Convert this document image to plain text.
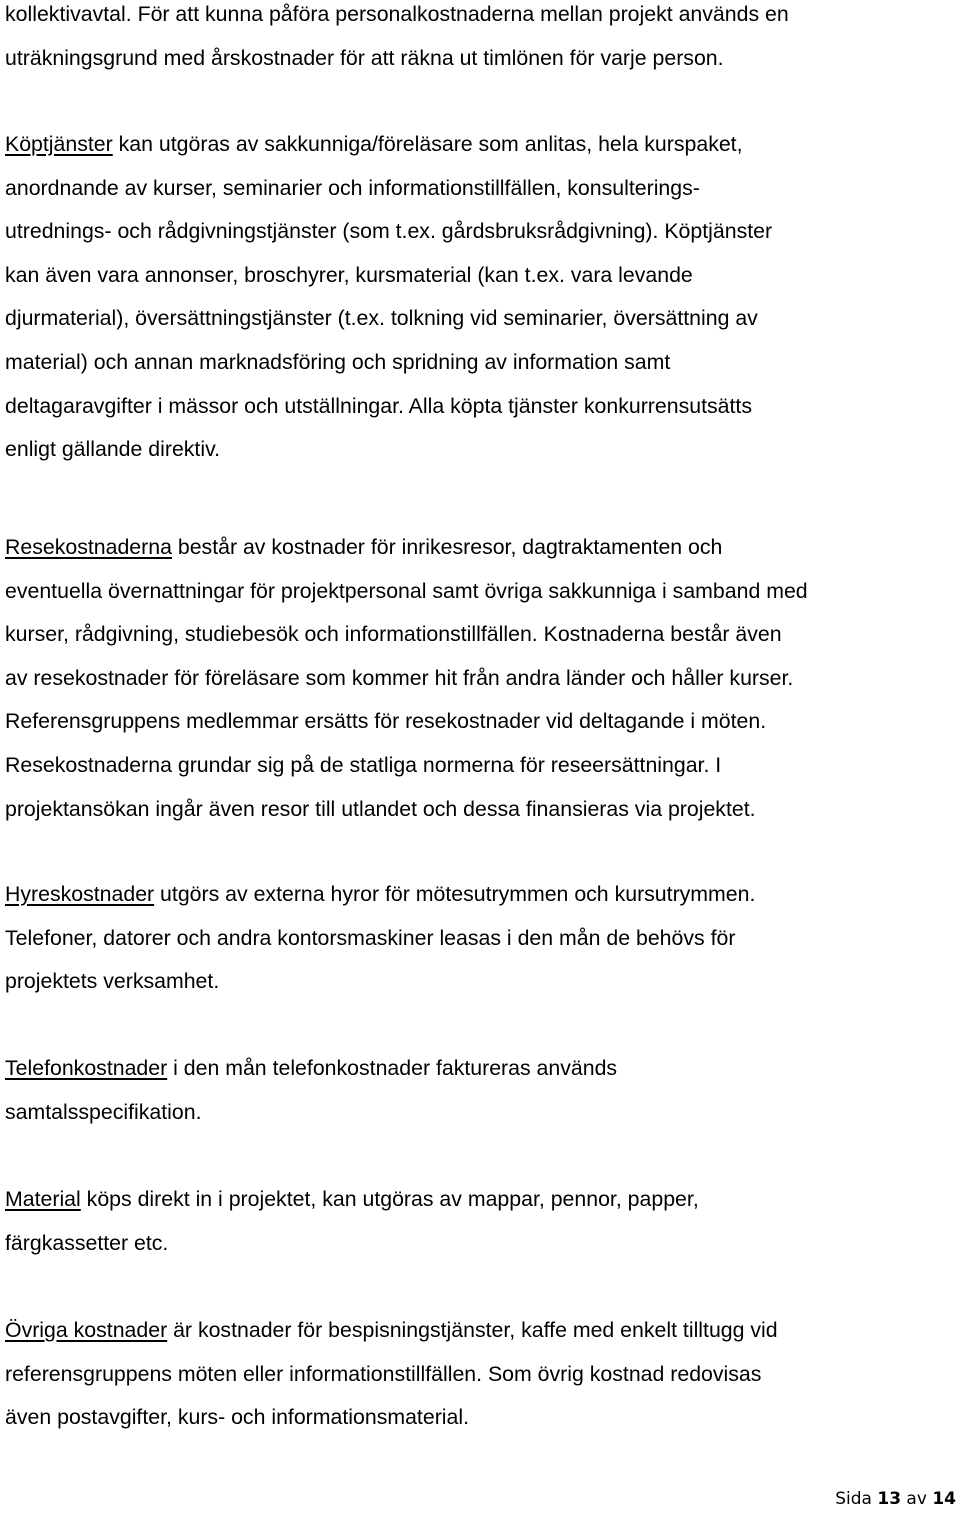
kollektivavtal. För att kunna påföra personalkostnaderna mellan projekt används en
uträkningsgrund med årskostnader för att räkna ut timlönen för varje person.

Köptjänster kan utgöras av sakkunniga/föreläsare som anlitas, hela kurspaket,
anordnande av kurser, seminarier och informationstillfällen, konsulterings-
utrednings- och rådgivningstjänster (som t.ex. gårdsbruksrådgivning). Köptjänster
kan även vara annonser, broschyrer, kursmaterial (kan t.ex. vara levande
djurmaterial), översättningstjänster (t.ex. tolkning vid seminarier, översättning av
material) och annan marknadsföring och spridning av information samt
deltagaravgifter i mässor och utställningar. Alla köpta tjänster konkurrensutsätts
enligt gällande direktiv.

Resekostnaderna består av kostnader för inrikesresor, dagtraktamenten och
eventuella övernattningar för projektpersonal samt övriga sakkunniga i samband med
kurser, rådgivning, studiebesök och informationstillfällen. Kostnaderna består även
av resekostnader för föreläsare som kommer hit från andra länder och håller kurser.
Referensgruppens medlemmar ersätts för resekostnader vid deltagande i möten.
Resekostnaderna grundar sig på de statliga normerna för reseersättningar. I
projektansökan ingår även resor till utlandet och dessa finansieras via projektet.

Hyreskostnader utgörs av externa hyror för mötesutrymmen och kursutrymmen.
Telefoner, datorer och andra kontorsmaskiner leasas i den mån de behövs för
projektets verksamhet.

Telefonkostnader i den mån telefonkostnader faktureras används
samtalsspecifikation.

Material köps direkt in i projektet, kan utgöras av mappar, pennor, papper,
färgkassetter etc.

Övriga kostnader är kostnader för bespisningstjänster, kaffe med enkelt tilltugg vid
referensgruppens möten eller informationstillfällen. Som övrig kostnad redovisas
även postavgifter, kurs- och informationsmaterial.

Sida 13 av 14
